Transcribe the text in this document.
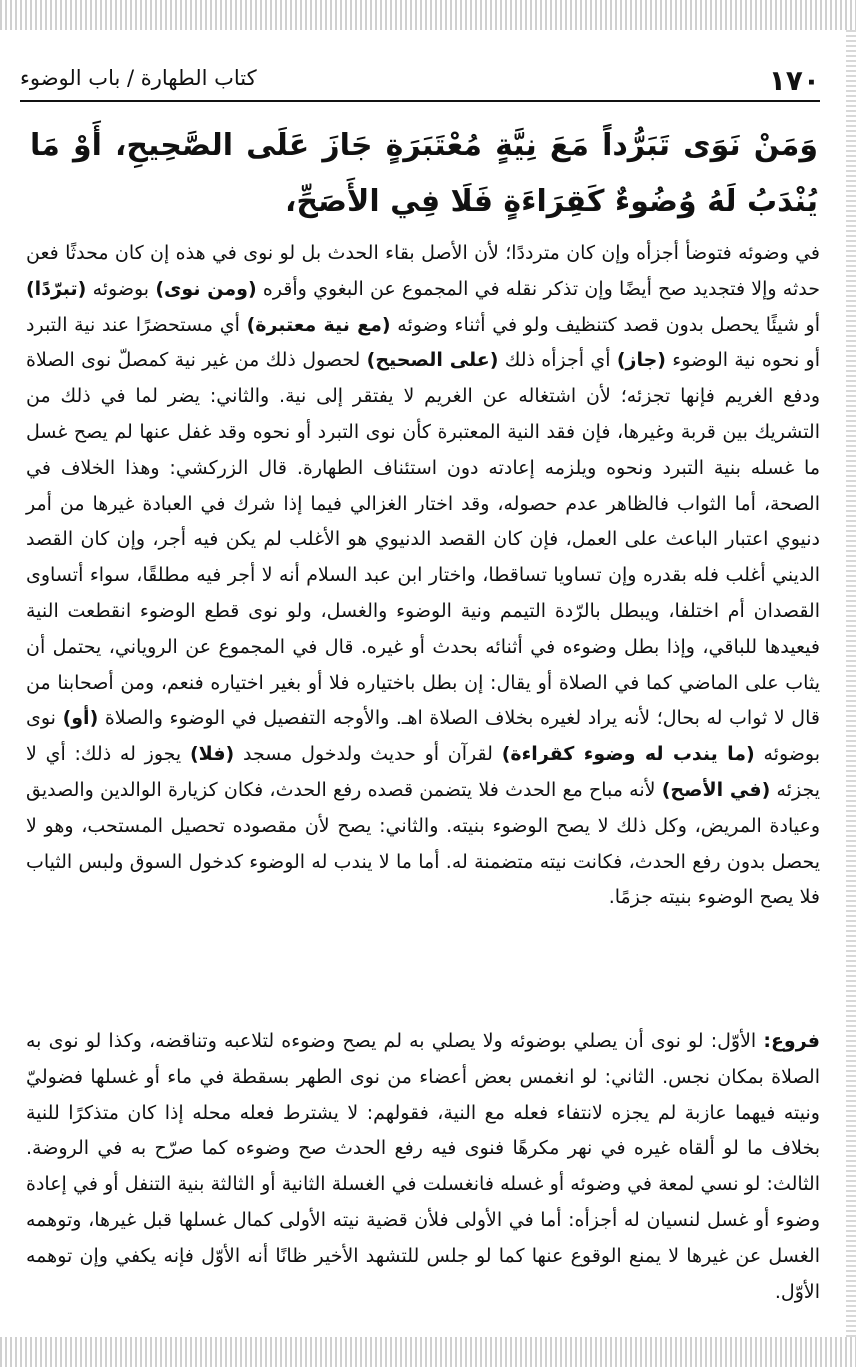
١٧٠
كتاب الطهارة / باب الوضوء
وَمَنْ نَوَى تَبَرُّداً مَعَ نِيَّةٍ مُعْتَبَرَةٍ جَازَ عَلَى الصَّحِيحِ، أَوْ مَا يُنْدَبُ لَهُ وُضُوءٌ كَقِرَاءَةٍ فَلَا فِي الأَصَحِّ،

في وضوئه فتوضأ أجزأه وإن كان مترددًا؛ لأن الأصل بقاء الحدث بل لو نوى في هذه إن كان محدثًا فعن حدثه وإلا فتجديد صح أيضًا وإن تذكر نقله في المجموع عن البغوي وأقره (ومن نوى) بوضوئه (تبرّدًا) أو شيئًا يحصل بدون قصد كتنظيف ولو في أثناء وضوئه (مع نية معتبرة) أي مستحضرًا عند نية التبرد أو نحوه نية الوضوء (جاز) أي أجزأه ذلك (على الصحيح) لحصول ذلك من غير نية كمصلّ نوى الصلاة ودفع الغريم فإنها تجزئه؛ لأن اشتغاله عن الغريم لا يفتقر إلى نية. والثاني: يضر لما في ذلك من التشريك بين قربة وغيرها، فإن فقد النية المعتبرة كأن نوى التبرد أو نحوه وقد غفل عنها لم يصح غسل ما غسله بنية التبرد ونحوه ويلزمه إعادته دون استئناف الطهارة. قال الزركشي: وهذا الخلاف في الصحة، أما الثواب فالظاهر عدم حصوله، وقد اختار الغزالي فيما إذا شرك في العبادة غيرها من أمر دنيوي اعتبار الباعث على العمل، فإن كان القصد الدنيوي هو الأغلب لم يكن فيه أجر، وإن كان القصد الديني أغلب فله بقدره وإن تساويا تساقطا، واختار ابن عبد السلام أنه لا أجر فيه مطلقًا، سواء أتساوى القصدان أم اختلفا، ويبطل بالرّدة التيمم ونية الوضوء والغسل، ولو نوى قطع الوضوء انقطعت النية فيعيدها للباقي، وإذا بطل وضوءه في أثنائه بحدث أو غيره. قال في المجموع عن الروياني، يحتمل أن يثاب على الماضي كما في الصلاة أو يقال: إن بطل باختياره فلا أو بغير اختياره فنعم، ومن أصحابنا من قال لا ثواب له بحال؛ لأنه يراد لغيره بخلاف الصلاة اهـ. والأوجه التفصيل في الوضوء والصلاة (أو) نوى بوضوئه (ما يندب له وضوء كقراءة) لقرآن أو حديث ولدخول مسجد (فلا) يجوز له ذلك: أي لا يجزئه (في الأصح) لأنه مباح مع الحدث فلا يتضمن قصده رفع الحدث، فكان كزيارة الوالدين والصديق وعيادة المريض، وكل ذلك لا يصح الوضوء بنيته. والثاني: يصح لأن مقصوده تحصيل المستحب، وهو لا يحصل بدون رفع الحدث، فكانت نيته متضمنة له. أما ما لا يندب له الوضوء كدخول السوق ولبس الثياب فلا يصح الوضوء بنيته جزمًا.

فروع: الأوّل: لو نوى أن يصلي بوضوئه ولا يصلي به لم يصح وضوءه لتلاعبه وتناقضه، وكذا لو نوى به الصلاة بمكان نجس. الثاني: لو انغمس بعض أعضاء من نوى الطهر بسقطة في ماء أو غسلها فضوليّ ونيته فيهما عازبة لم يجزه لانتفاء فعله مع النية، فقولهم: لا يشترط فعله محله إذا كان متذكرًا للنية بخلاف ما لو ألقاه غيره في نهر مكرهًا فنوى فيه رفع الحدث صح وضوءه كما صرّح به في الروضة. الثالث: لو نسي لمعة في وضوئه أو غسله فانغسلت في الغسلة الثانية أو الثالثة بنية التنفل أو في إعادة وضوء أو غسل لنسيان له أجزأه: أما في الأولى فلأن قضية نيته الأولى كمال غسلها قبل غيرها، وتوهمه الغسل عن غيرها لا يمنع الوقوع عنها كما لو جلس للتشهد الأخير ظانًا أنه الأوّل فإنه يكفي وإن توهمه الأوّل.
